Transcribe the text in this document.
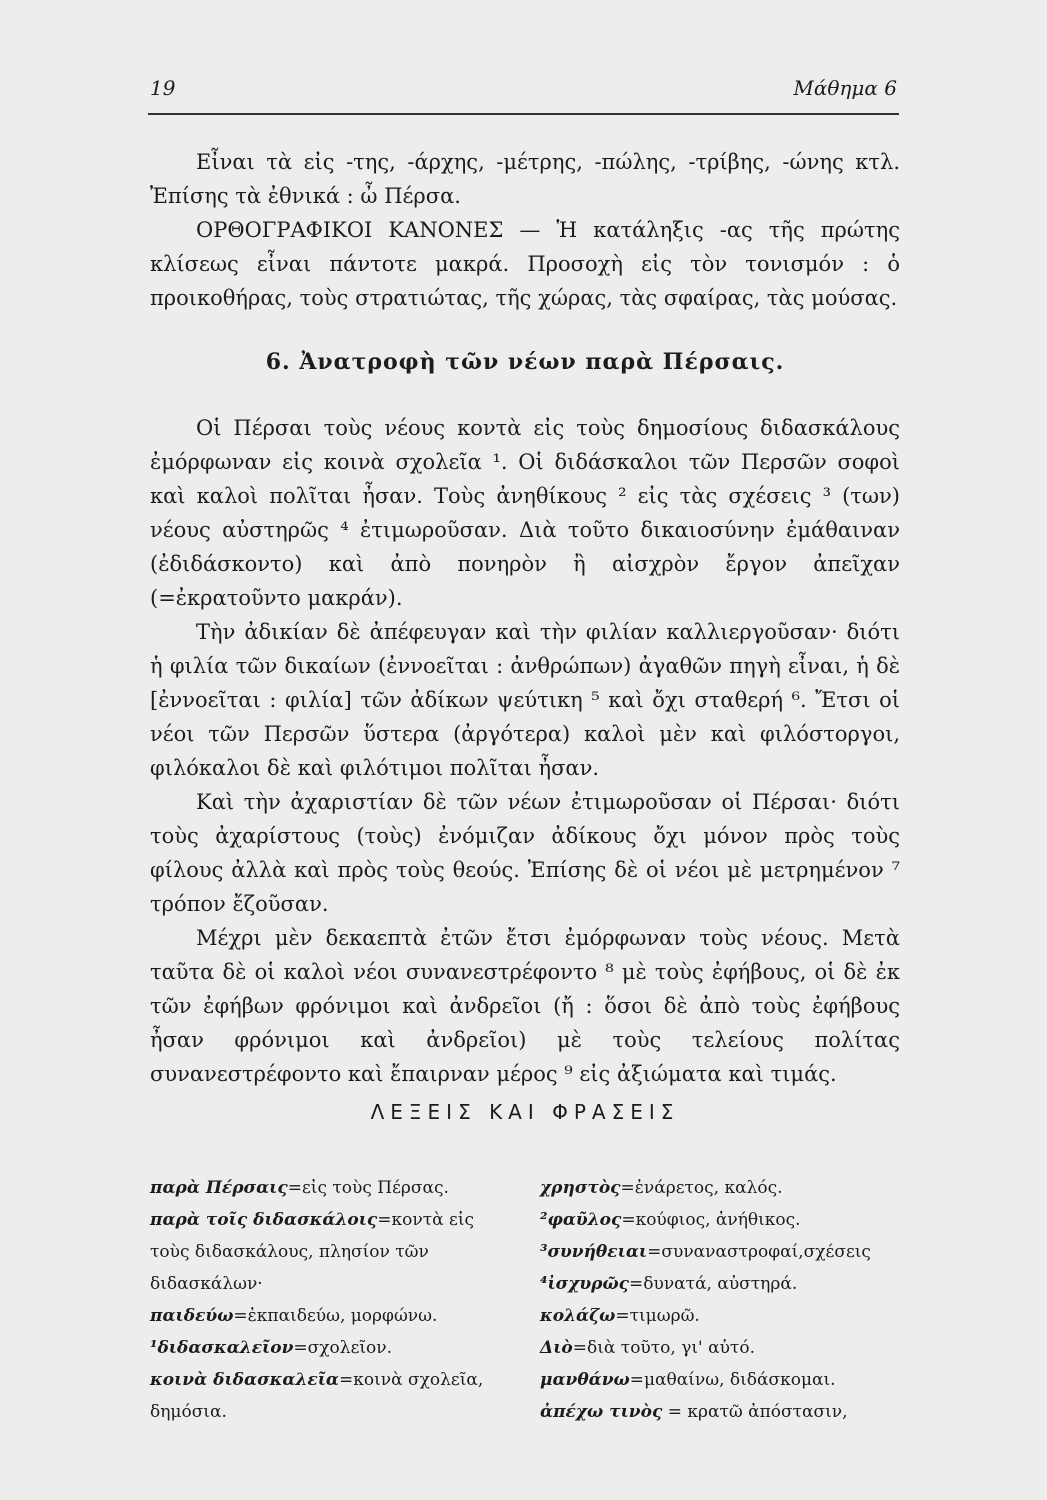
19	Μάθημα 6

Εἶναι τὰ εἰς -της, -άρχης, -μέτρης, -πώλης, -τρίβης, -ώνης κτλ. Ἐπίσης τὰ ἐθνικά : ὦ Πέρσα.

ΟΡΘΟΓΡΑΦΙΚΟΙ ΚΑΝΟΝΕΣ — Ἡ κατάληξις -ας τῆς πρώτης κλίσεως εἶναι πάντοτε μακρά. Προσοχὴ εἰς τὸν τονισμόν : ὁ προικοθήρας, τοὺς στρατιώτας, τῆς χώρας, τὰς σφαίρας, τὰς μούσας.

6. Ἀνατροφὴ τῶν νέων παρὰ Πέρσαις.

Οἱ Πέρσαι τοὺς νέους κοντὰ εἰς τοὺς δημοσίους διδασκάλους ἐμόρφωναν εἰς κοινὰ σχολεῖα ¹. Οἱ διδάσκαλοι τῶν Περσῶν σοφοὶ καὶ καλοὶ πολῖται ἦσαν. Τοὺς ἀνηθίκους ² εἰς τὰς σχέσεις ³ (των) νέους αὐστηρῶς ⁴ ἐτιμωροῦσαν. Διὰ τοῦτο δικαιοσύνην ἐμάθαιναν (ἐδιδάσκοντο) καὶ ἀπὸ πονηρὸν ἢ αἰσχρὸν ἔργον ἀπεῖχαν (=ἐκρατοῦντο μακράν).

Τὴν ἀδικίαν δὲ ἀπέφευγαν καὶ τὴν φιλίαν καλλιεργοῦσαν· διότι ἡ φιλία τῶν δικαίων (ἐννοεῖται : ἀνθρώπων) ἀγαθῶν πηγὴ εἶναι, ἡ δὲ [ἐννοεῖται : φιλία] τῶν ἀδίκων ψεύτικη ⁵ καὶ ὄχι σταθερή ⁶. Ἔτσι οἱ νέοι τῶν Περσῶν ὕστερα (ἀργότερα) καλοὶ μὲν καὶ φιλόστοργοι, φιλόκαλοι δὲ καὶ φιλότιμοι πολῖται ἦσαν.

Καὶ τὴν ἀχαριστίαν δὲ τῶν νέων ἐτιμωροῦσαν οἱ Πέρσαι· διότι τοὺς ἀχαρίστους (τοὺς) ἐνόμιζαν ἀδίκους ὄχι μόνον πρὸς τοὺς φίλους ἀλλὰ καὶ πρὸς τοὺς θεούς. Ἐπίσης δὲ οἱ νέοι μὲ μετρημένον ⁷ τρόπον ἔζοῦσαν.

Μέχρι μὲν δεκαεπτὰ ἐτῶν ἔτσι ἐμόρφωναν τοὺς νέους. Μετὰ ταῦτα δὲ οἱ καλοὶ νέοι συνανεστρέφοντο ⁸ μὲ τοὺς ἐφήβους, οἱ δὲ ἐκ τῶν ἐφήβων φρόνιμοι καὶ ἀνδρεῖοι (ἤ : ὅσοι δὲ ἀπὸ τοὺς ἐφήβους ἦσαν φρόνιμοι καὶ ἀνδρεῖοι) μὲ τοὺς τελείους πολίτας συνανεστρέφοντο καὶ ἔπαιρναν μέρος ⁹ εἰς ἀξιώματα καὶ τιμάς.

ΛΕΞΕΙΣ ΚΑΙ ΦΡΑΣΕΙΣ
παρὰ Πέρσαις=εἰς τοὺς Πέρσας.
παρὰ τοῖς διδασκάλοις=κοντὰ εἰς τοὺς διδασκάλους, πλησίον τῶν διδασκάλων·
παιδεύω=ἐκπαιδεύω, μορφώνω.
¹διδασκαλεῖον=σχολεῖον.
κοινὰ διδασκαλεῖα=κοινὰ σχολεῖα, δημόσια.
χρηστὸς=ἐνάρετος, καλός.
²φαῦλος=κούφιος, ἀνήθικος.
³συνήθειαι=συναναστροφαί,σχέσεις
⁴ἰσχυρῶς=δυνατά, αὐστηρά.
κολάζω=τιμωρῶ.
Διὸ=διὰ τοῦτο, γι' αὐτό.
μανθάνω=μαθαίνω, διδάσκομαι.
ἀπέχω τινὸς = κρατῶ ἀπόστασιν,
